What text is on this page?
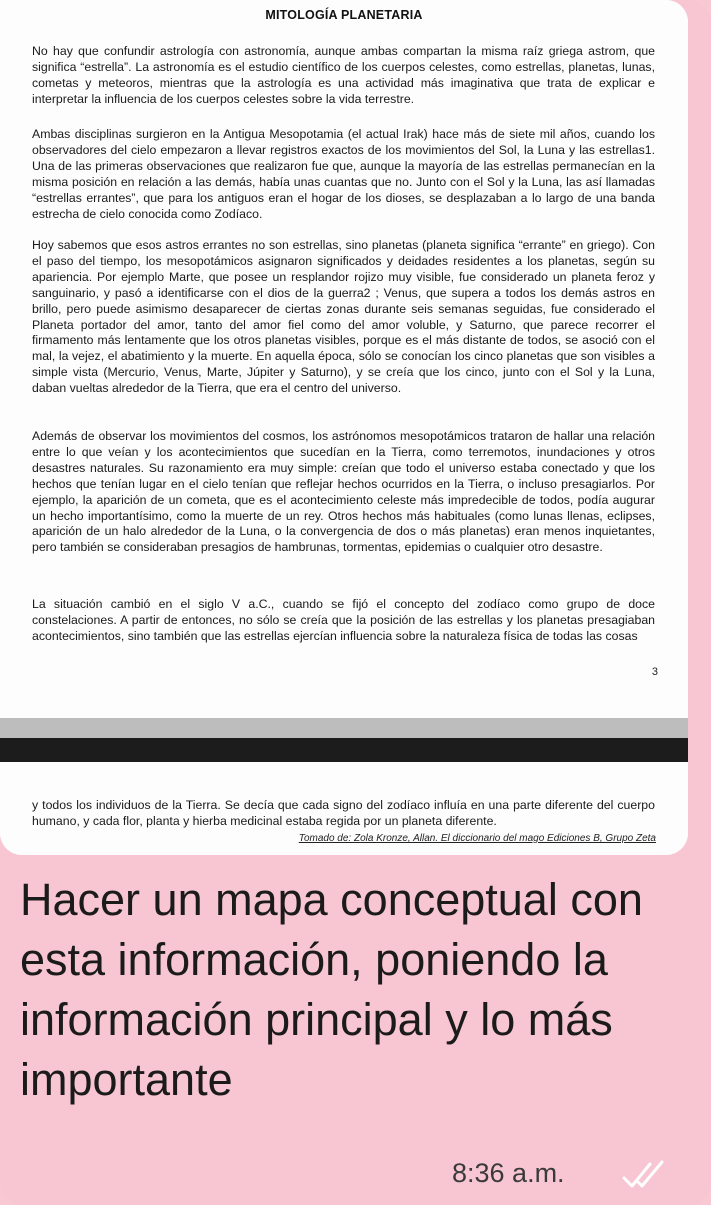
MITOLOGÍA PLANETARIA

No hay que confundir astrología con astronomía, aunque ambas compartan la misma raíz griega astrom, que significa “estrella”. La astronomía es el estudio científico de los cuerpos celestes, como estrellas, planetas, lunas, cometas y meteoros, mientras que la astrología es una actividad más imaginativa que trata de explicar e interpretar la influencia de los cuerpos celestes sobre la vida terrestre.

Ambas disciplinas surgieron en la Antigua Mesopotamia (el actual Irak) hace más de siete mil años, cuando los observadores del cielo empezaron a llevar registros exactos de los movimientos del Sol, la Luna y las estrellas1. Una de las primeras observaciones que realizaron fue que, aunque la mayoría de las estrellas permanecían en la misma posición en relación a las demás, había unas cuantas que no. Junto con el Sol y la Luna, las así llamadas “estrellas errantes”, que para los antiguos eran el hogar de los dioses, se desplazaban a lo largo de una banda estrecha de cielo conocida como Zodíaco.

Hoy sabemos que esos astros errantes no son estrellas, sino planetas (planeta significa “errante” en griego). Con el paso del tiempo, los mesopotámicos asignaron significados y deidades residentes a los planetas, según su apariencia. Por ejemplo Marte, que posee un resplandor rojizo muy visible, fue considerado un planeta feroz y sanguinario, y pasó a identificarse con el dios de la guerra2 ; Venus, que supera a todos los demás astros en brillo, pero puede asimismo desaparecer de ciertas zonas durante seis semanas seguidas, fue considerado el Planeta portador del amor, tanto del amor fiel como del amor voluble, y Saturno, que parece recorrer el firmamento más lentamente que los otros planetas visibles, porque es el más distante de todos, se asoció con el mal, la vejez, el abatimiento y la muerte. En aquella época, sólo se conocían los cinco planetas que son visibles a simple vista (Mercurio, Venus, Marte, Júpiter y Saturno), y se creía que los cinco, junto con el Sol y la Luna, daban vueltas alrededor de la Tierra, que era el centro del universo.

Además de observar los movimientos del cosmos, los astrónomos mesopotámicos trataron de hallar una relación entre lo que veían y los acontecimientos que sucedían en la Tierra, como terremotos, inundaciones y otros desastres naturales. Su razonamiento era muy simple: creían que todo el universo estaba conectado y que los hechos que tenían lugar en el cielo tenían que reflejar hechos ocurridos en la Tierra, o incluso presagiarlos. Por ejemplo, la aparición de un cometa, que es el acontecimiento celeste más impredecible de todos, podía augurar un hecho importantísimo, como la muerte de un rey. Otros hechos más habituales (como lunas llenas, eclipses, aparición de un halo alrededor de la Luna, o la convergencia de dos o más planetas) eran menos inquietantes, pero también se consideraban presagios de hambrunas, tormentas, epidemias o cualquier otro desastre.

La situación cambió en el siglo V a.C., cuando se fijó el concepto del zodíaco como grupo de doce constelaciones. A partir de entonces, no sólo se creía que la posición de las estrellas y los planetas presagiaban acontecimientos, sino también que las estrellas ejercían influencia sobre la naturaleza física de todas las cosas

3

y todos los individuos de la Tierra. Se decía que cada signo del zodíaco influía en una parte diferente del cuerpo humano, y cada flor, planta y hierba medicinal estaba regida por un planeta diferente.

Tomado de: Zola Kronze, Allan. El diccionario del mago Ediciones B, Grupo Zeta

Hacer un mapa conceptual con esta información, poniendo la información principal y lo más importante

8:36 a.m.
